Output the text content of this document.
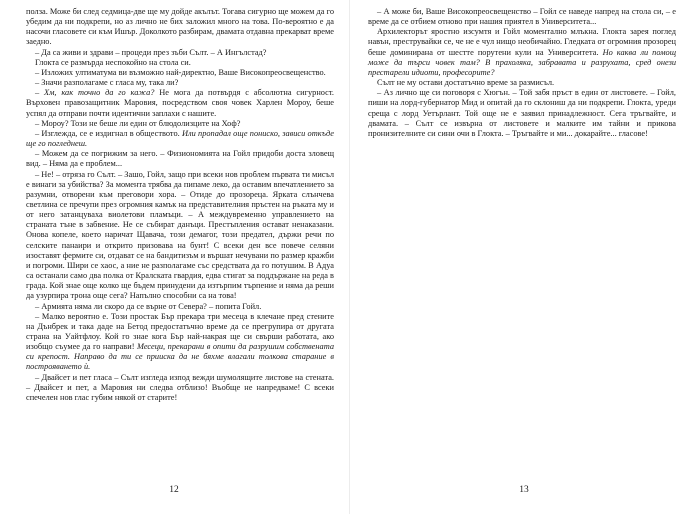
полза. Може би след седмица-две ще му дойде акълът. Тогава сигурно ще можем да го убедим да ни подкрепи, но аз лично не бих заложил много на това. По-вероятно е да насочи гласовете си към Ишър. Доколкото разбирам, двамата отдавна прекарват време заедно.

– Да са живи и здрави – процеди през зъби Сълт. – А Ингълстад?

Глокта се размърда неспокойно на стола си.

– Изложих ултиматума ви възможно най-директно, Ваше Високопреосвещенство.

– Значи разполагаме с гласа му, така ли?

– Хм, как точно да го кажа? Не мога да потвърдя с абсолютна сигурност. Върховен правозащитник Маровия, посредством своя човек Харлен Мороу, беше успял да отправи почти идентични заплахи с нашите.

– Мороу? Този не беше ли един от блюдолизците на Хоф?

– Изглежда, се е издигнал в обществото. Или пропадал още пониско, зависи откъде ще го погледнеш.

– Можем да се погрижим за него. – Физиономията на Гойл придоби доста зловещ вид. – Няма да е проблем...

– Не! – отряза го Сълт. – Зашо, Гойл, защо при всеки нов проблем първата ти мисъл е винаги за убийства? За момента трябва да пипаме леко, да оставим впечатлението за разумни, отворени към преговори хора. – Отиде до прозореца. Ярката слънчева светлина се пречупи през огромния камък на представителния пръстен на ръката му и от него затанцуваха виолетови пламъци. – А междувременно управлението на страната тъне в забвение. Не се събират данъци. Престъпления остават ненаказани. Онова копеле, което наричат Щавача, този демагог, този предател, държи речи по селските панаири и открито призовава на бунт! С всеки ден все повече селяни изоставят фермите си, отдават се на бандитизъм и вършат нечувани по размер кражби и погроми. Шири се хаос, а ние не разполагаме със средствата да го потушим. В Адуа са останали само два полка от Кралската гвардия, едва стигат за поддържане на реда в града. Кой знае още колко ще бъдем принудени да изтърпим търпение и няма да реши да узурпира трона още сега? Напълно способни са на това!

– Армията няма ли скоро да се върне от Севера? – попита Гойл.

– Малко вероятно е. Този простак Бър прекара три месеца в клечане пред стените на Дънбрек и така даде на Бетод предостатъчно време да се прегрупира от другата страна на Уайтфлоу. Кой го знае кога Бър най-накрая ще си свърши работата, ако изобщо съумее да го направи! Месеци, прекарани в опити да разрушим собствената си крепост. Направо да ти се прииска да не бяхме влагали толкова старание в построяването ѝ.

– Двайсет и пет гласа – Сълт изгледа изпод вежди шумолящите листове на стената. – Двайсет и пет, а Маровия ни следва отблизо! Въобще не напредваме! С всеки спечелен нов глас губим някой от старите!

12

– А може би, Ваше Високопреосвещенство – Гойл се наведе напред на стола си, – е време да се отбием отново при нашия приятел в Университета...

Архилекторът яростно изсумтя и Гойл моментално млъкна. Глокта зарея поглед навън, преструвайки се, че не е чул нищо необичайно. Гледката от огромния прозорец беше доминирана от шестте порутени кули на Университета. Но каква ли помощ може да търси човек там? В прахоляка, забравата и разрухата, сред онези престарели идиоти, професорите?

Сълт не му остави достатъчно време за размисъл.

– Аз лично ще си поговоря с Хюгън. – Той забя пръст в един от листовете. – Гойл, пиши на лорд-губернатор Мид и опитай да го склониш да ни подкрепи. Глокта, уреди среща с лорд Уетърлант. Той още не е заявил принадлежност. Сега тръгвайте, и двамата. – Сълт се извърна от листовете и малките им тайни и прикова пронизителните си сини очи в Глокта. – Тръгвайте и ми... докарайте... гласове!

13
